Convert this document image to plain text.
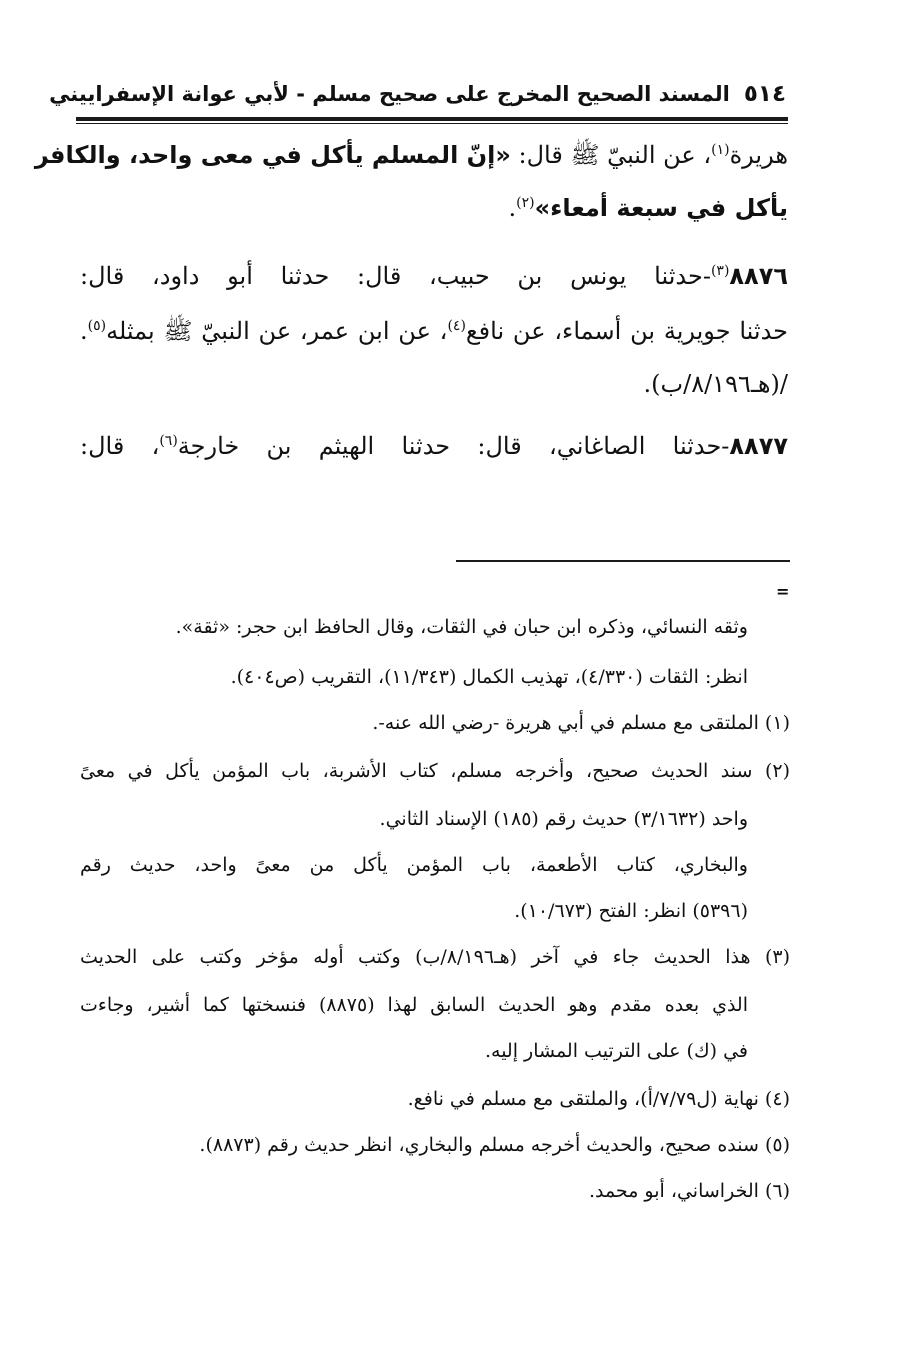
٥١٤
المسند الصحيح المخرج على صحيح مسلم - لأبي عوانة الإسفراييني
هريرة$^{(١)}$، عن النبيّ ﷺ قال: «إنّ المسلم يأكل في معى واحد، والكافر
يأكل في سبعة أمعاء»$^{(٢)}$.
٨٨٧٦$^{(٣)}$-حدثنا يونس بن حبيب، قال: حدثنا أبو داود، قال:
حدثنا جويرية بن أسماء، عن نافع$^{(٤)}$، عن ابن عمر، عن النبيّ ﷺ بمثله$^{(٥)}$.
/(هـ٨/١٩٦/ب).
٨٨٧٧-حدثنا الصاغاني، قال: حدثنا الهيثم بن خارجة$^{(٦)}$، قال:
=
وثقه النسائي، وذكره ابن حبان في الثقات، وقال الحافظ ابن حجر: «ثقة».
انظر: الثقات (٤/٣٣٠)، تهذيب الكمال (١١/٣٤٣)، التقريب (ص٤٠٤).
(١) الملتقى مع مسلم في أبي هريرة -رضي الله عنه-.
(٢) سند الحديث صحيح، وأخرجه مسلم، كتاب الأشربة، باب المؤمن يأكل في معىً
واحد (٣/١٦٣٢) حديث رقم (١٨٥) الإسناد الثاني.
والبخاري، كتاب الأطعمة، باب المؤمن يأكل من معىً واحد، حديث رقم
(٥٣٩٦) انظر: الفتح (١٠/٦٧٣).
(٣) هذا الحديث جاء في آخر (هـ٨/١٩٦/ب) وكتب أوله مؤخر وكتب على الحديث
الذي بعده مقدم وهو الحديث السابق لهذا (٨٨٧٥) فنسختها كما أشير، وجاءت
في (ك) على الترتيب المشار إليه.
(٤) نهاية (ل٧/٧٩/أ)، والملتقى مع مسلم في نافع.
(٥) سنده صحيح، والحديث أخرجه مسلم والبخاري، انظر حديث رقم (٨٨٧٣).
(٦) الخراساني، أبو محمد.
